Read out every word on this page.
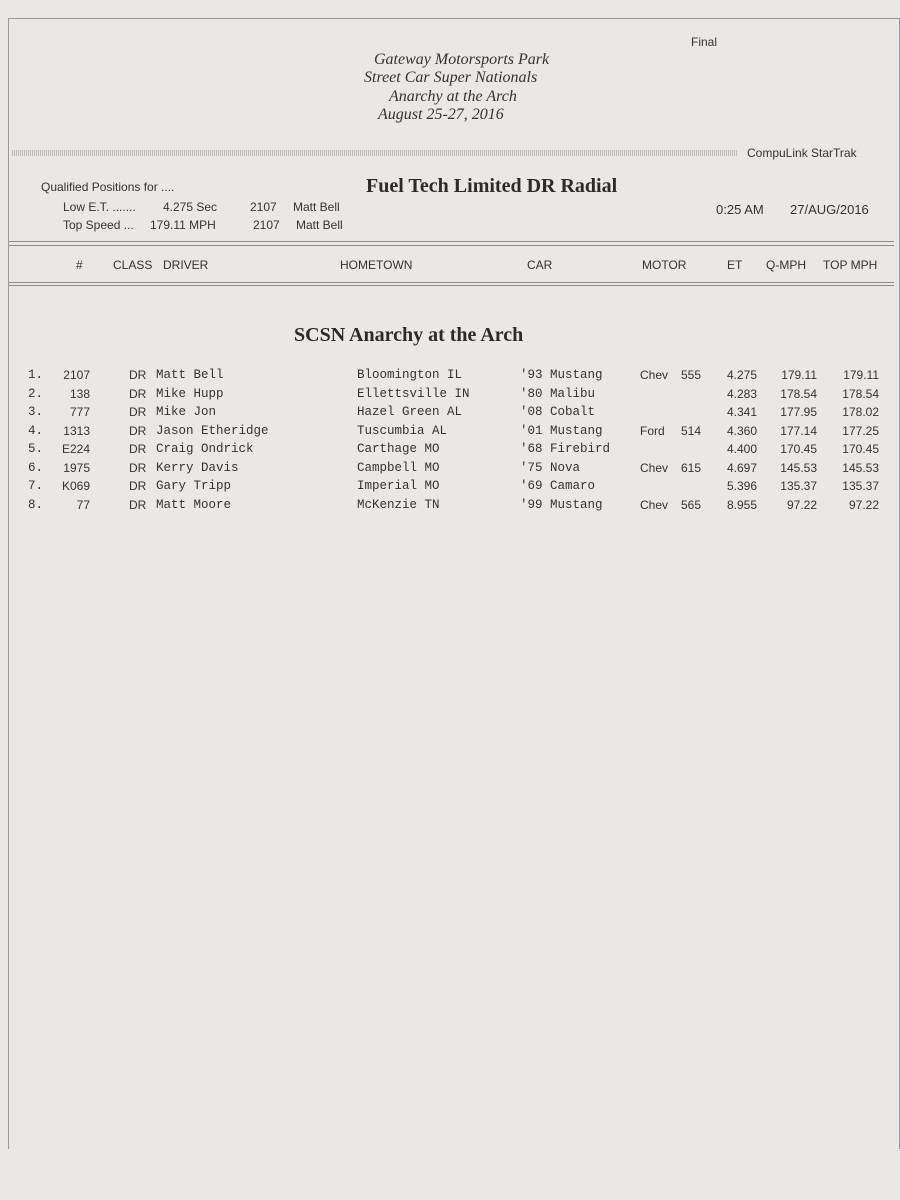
Final
Gateway Motorsports Park
Street Car Super Nationals
Anarchy at the Arch
August 25-27, 2016
CompuLink StarTrak
Qualified Positions for ....
Low E.T. ....... 4.275 Sec	2107 Matt Bell
Top Speed ... 179.11 MPH	2107 Matt Bell
Fuel Tech Limited DR Radial
0:25 AM 27/AUG/2016
#	CLASS DRIVER	HOMETOWN	CAR	MOTOR	ET Q-MPH TOP MPH
SCSN Anarchy at the Arch
1. 2107	DR Matt Bell	Bloomington IL	'93 Mustang	Chev 555 4.275 179.11 179.11
2. 138	DR Mike Hupp	Ellettsville IN	'80 Malibu	4.283 178.54 178.54
3. 777	DR Mike Jon	Hazel Green AL	'08 Cobalt	4.341 177.95 178.02
4. 1313	DR Jason Etheridge	Tuscumbia AL	'01 Mustang	Ford 514 4.360 177.14 177.25
5. E224	DR Craig Ondrick	Carthage MO	'68 Firebird	4.400 170.45 170.45
6. 1975	DR Kerry Davis	Campbell MO	'75 Nova	Chev 615 4.697 145.53 145.53
7. K069	DR Gary Tripp	Imperial MO	'69 Camaro	5.396 135.37 135.37
8.	77	DR Matt Moore	McKenzie TN	'99 Mustang	Chev 565 8.955 97.22	97.22
